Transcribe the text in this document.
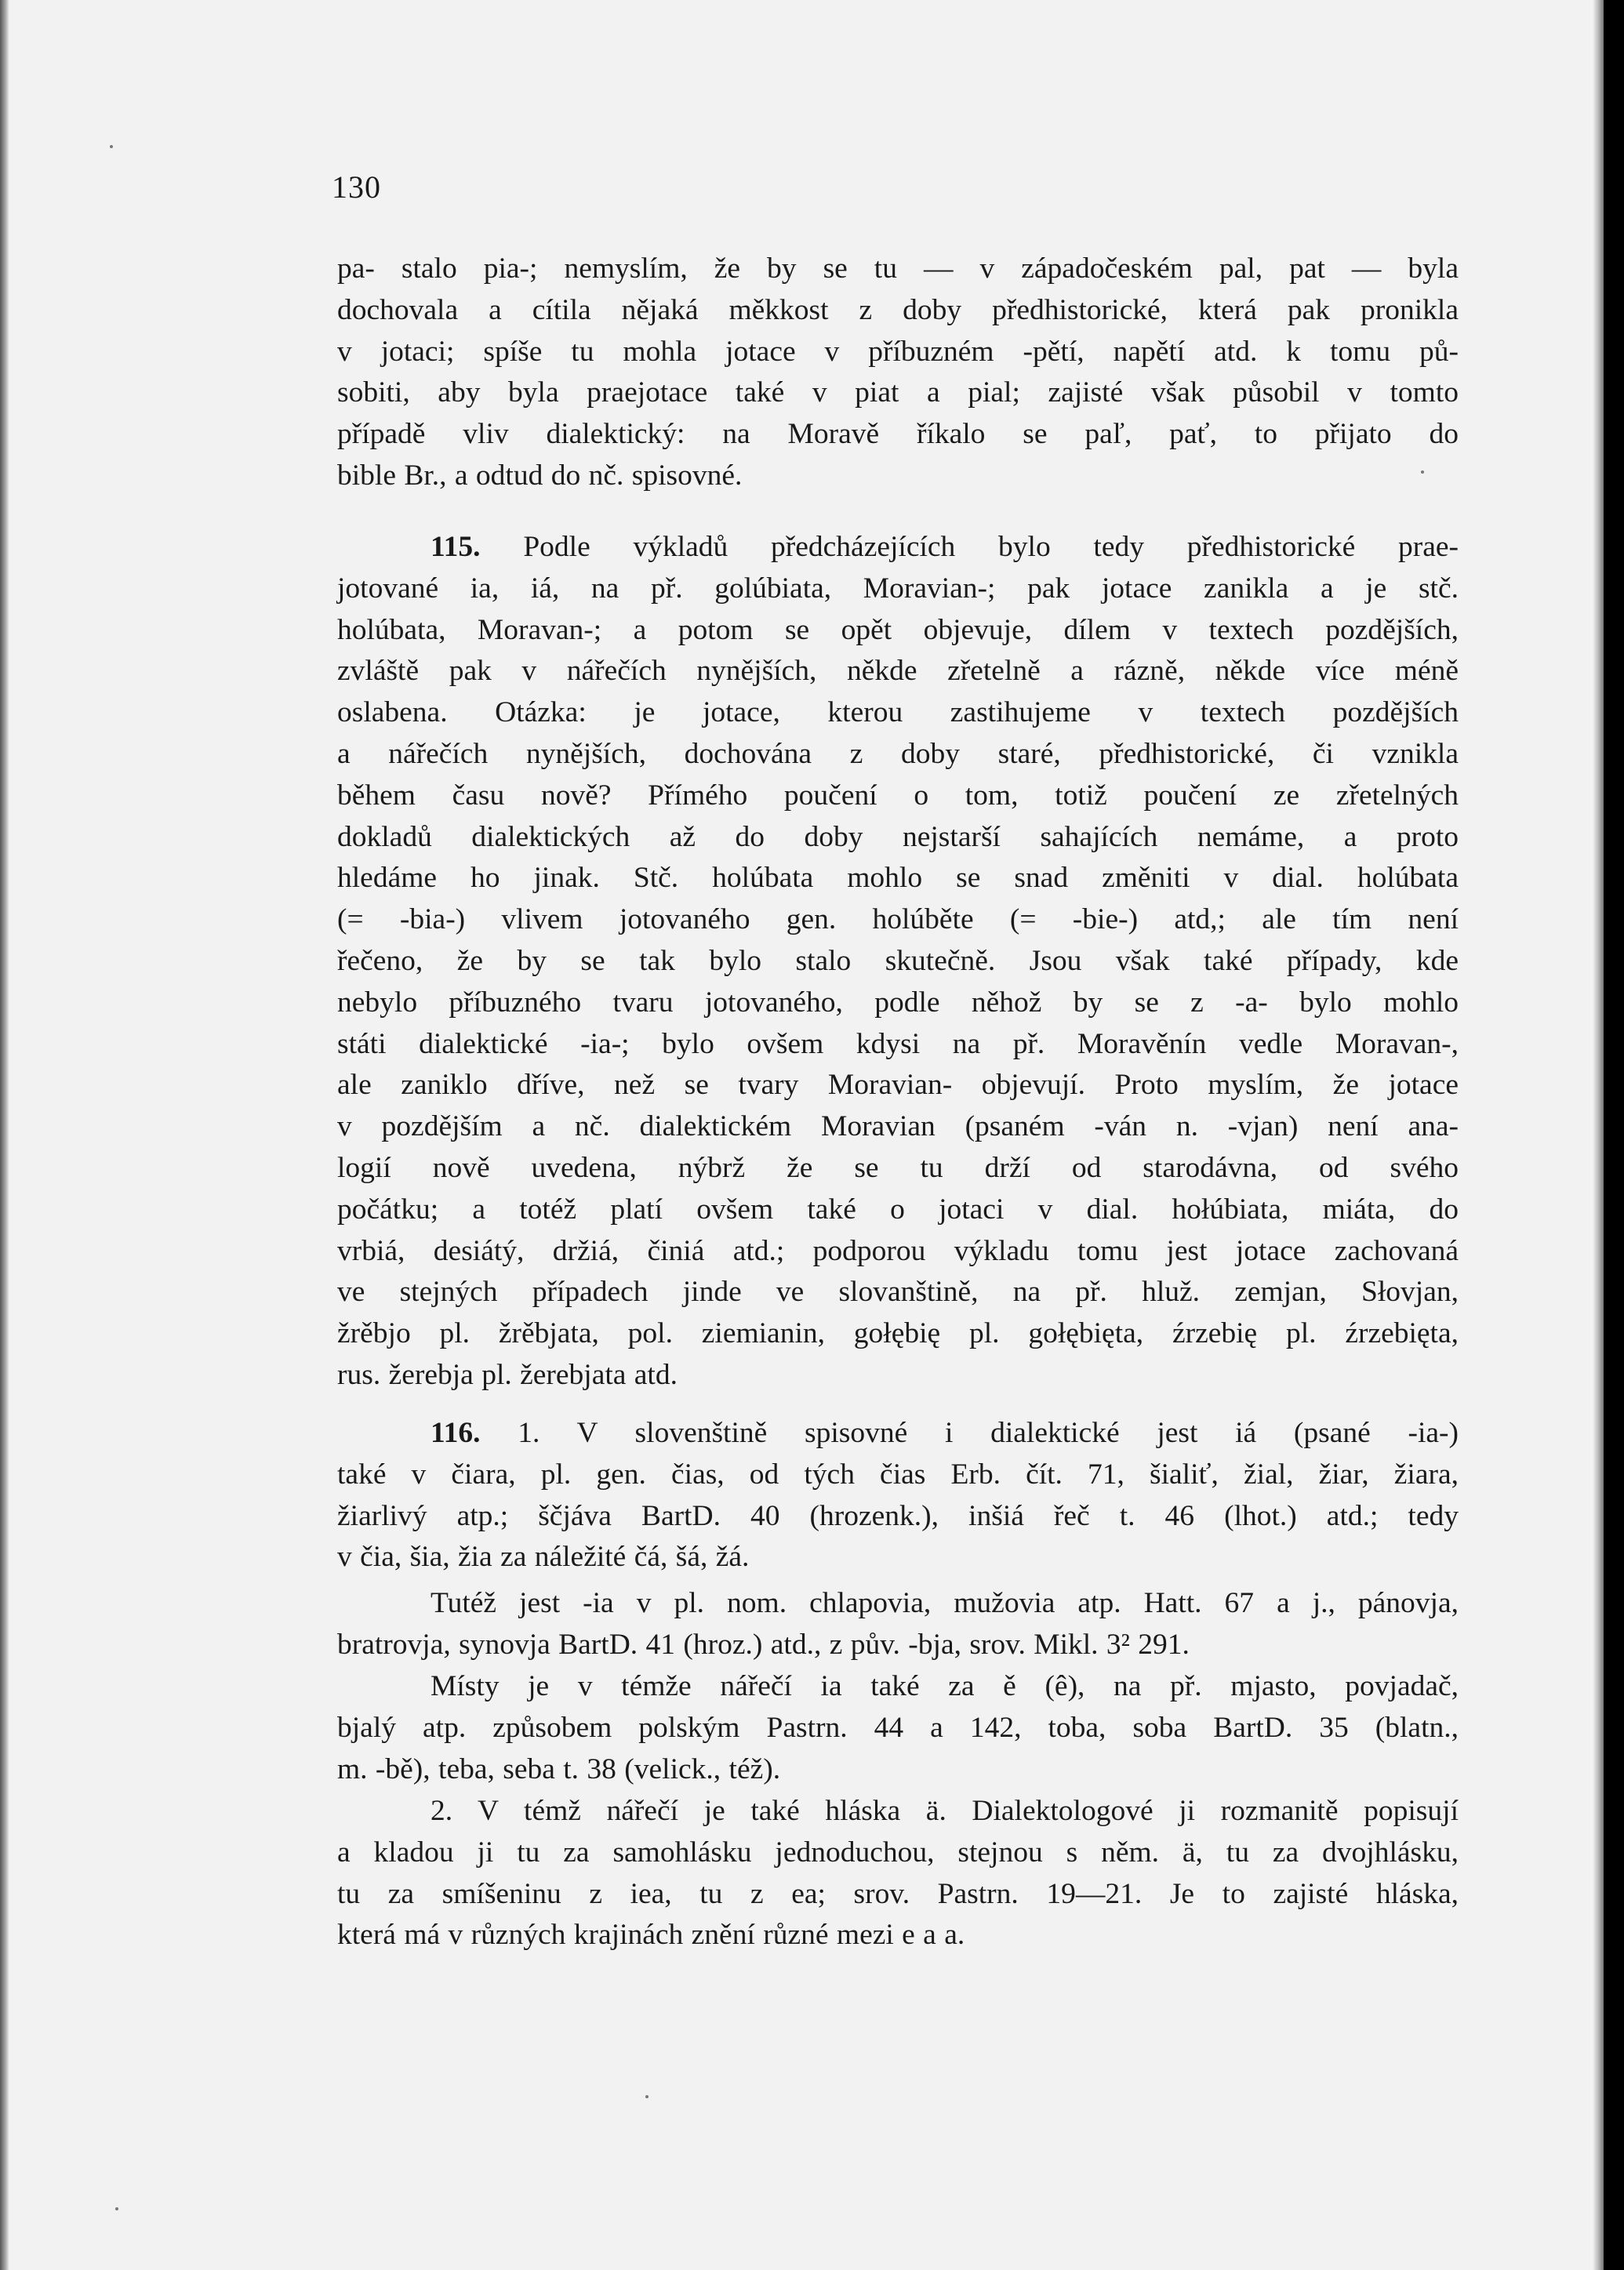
130
pa- stalo pia-; nemyslím, že by se tu — v západočeském pal, pat — byla
dochovala a cítila nějaká měkkost z doby předhistorické, která pak pronikla
v jotaci; spíše tu mohla jotace v příbuzném -pětí, napětí atd. k tomu pů-
sobiti, aby byla praejotace také v piat a pial; zajisté však působil v tomto
případě vliv dialektický: na Moravě říkalo se paľ, pať, to přijato do
bible Br., a odtud do nč. spisovné.
115. Podle výkladů předcházejících bylo tedy předhistorické prae-
jotované ia, iá, na př. golúbiata, Moravian-; pak jotace zanikla a je stč.
holúbata, Moravan-; a potom se opět objevuje, dílem v textech pozdějších,
zvláště pak v nářečích nynějších, někde zřetelně a rázně, někde více méně
oslabena. Otázka: je jotace, kterou zastihujeme v textech pozdějších
a nářečích nynějších, dochována z doby staré, předhistorické, či vznikla
během času nově? Přímého poučení o tom, totiž poučení ze zřetelných
dokladů dialektických až do doby nejstarší sahajících nemáme, a proto
hledáme ho jinak. Stč. holúbata mohlo se snad změniti v dial. holúbata
(= -bia-) vlivem jotovaného gen. holúběte (= -bie-) atd,; ale tím není
řečeno, že by se tak bylo stalo skutečně. Jsou však také případy, kde
nebylo příbuzného tvaru jotovaného, podle něhož by se z -a- bylo mohlo
státi dialektické -ia-; bylo ovšem kdysi na př. Moravěnín vedle Moravan-,
ale zaniklo dříve, než se tvary Moravian- objevují. Proto myslím, že jotace
v pozdějším a nč. dialektickém Moravian (psaném -ván n. -vjan) není ana-
logií nově uvedena, nýbrž že se tu drží od starodávna, od svého
počátku; a totéž platí ovšem také o jotaci v dial. hołúbiata, miáta, do
vrbiá, desiátý, držiá, činiá atd.; podporou výkladu tomu jest jotace zachovaná
ve stejných případech jinde ve slovanštině, na př. hluž. zemjan, Słovjan,
žrěbjo pl. žrěbjata, pol. ziemianin, gołębię pl. gołębięta, źrzebię pl. źrzebięta,
rus. žerebja pl. žerebjata atd.
116. 1. V slovenštině spisovné i dialektické jest iá (psané -ia-)
také v čiara, pl. gen. čias, od tých čias Erb. čít. 71, šialiť, žial, žiar, žiara,
žiarlivý atp.; ščjáva BartD. 40 (hrozenk.), inšiá řeč t. 46 (lhot.) atd.; tedy
v čia, šia, žia za náležité čá, šá, žá.
Tutéž jest -ia v pl. nom. chlapovia, mužovia atp. Hatt. 67 a j., pánovja,
bratrovja, synovja BartD. 41 (hroz.) atd., z pův. -bja, srov. Mikl. 3² 291.
Místy je v témže nářečí ia také za ě (ê), na př. mjasto, povjadač,
bjalý atp. způsobem polským Pastrn. 44 a 142, toba, soba BartD. 35 (blatn.,
m. -bě), teba, seba t. 38 (velick., též).
2. V témž nářečí je také hláska ä. Dialektologové ji rozmanitě popisují
a kladou ji tu za samohlásku jednoduchou, stejnou s něm. ä, tu za dvojhlásku,
tu za smíšeninu z iea, tu z ea; srov. Pastrn. 19—21. Je to zajisté hláska,
která má v různých krajinách znění různé mezi e a a.
